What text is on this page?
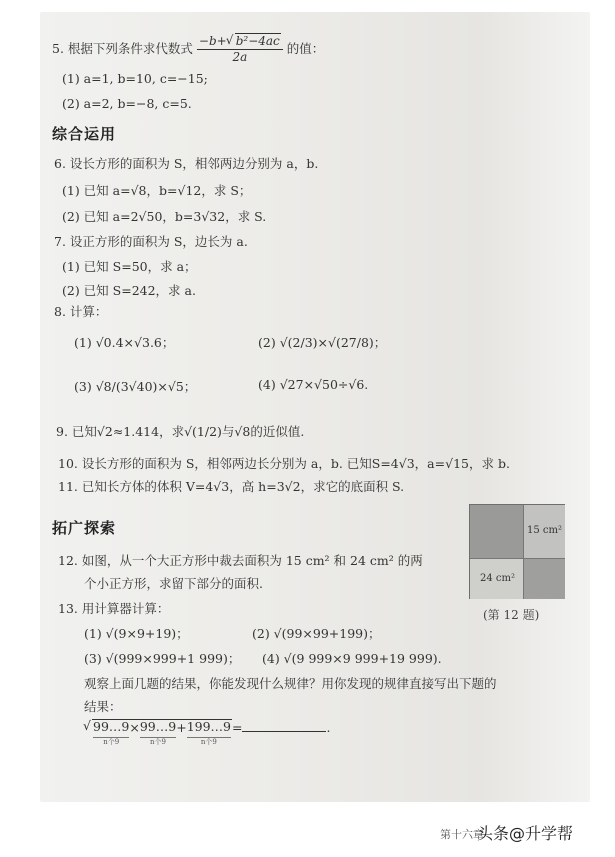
5. 根据下列条件求代数式 $\frac{\text{−b+ √ b²−4ac}}{2a}$ 的值：
(1) a=1, b=10, c=−15;
(2) a=2, b=−8, c=5.
综合运用
6. 设长方形的面积为 S，相邻两边分别为 a，b.
(1) 已知 a=√8，b=√12，求 S；
(2) 已知 a=2√50，b=3√32，求 S.
7. 设正方形的面积为 S，边长为 a.
(1) 已知 S=50，求 a；
(2) 已知 S=242，求 a.
8. 计算：
(1) √0.4×√3.6；	(2) √(2/3)×√(27/8)；
(3) √8/(3√40)×√5；	(4) √27×√50÷√6.
9. 已知√2≈1.414，求√(1/2)与√8的近似值.
10. 设长方形的面积为 S，相邻两边长分别为 a，b. 已知S=4√3，a=√15，求 b.
11. 已知长方体的体积 V=4√3，高 h=3√2，求它的底面积 S.
拓广探索
12. 如图，从一个大正方形中裁去面积为 15 cm² 和 24 cm² 的两
个小正方形，求留下部分的面积.
15 cm²
24 cm²
(第 12 题)
13. 用计算器计算：
(1) √(9×9+19)；	(2) √(99×99+199)；
(3) √(999×999+1 999)； (4) √(9 999×9 999+19 999).
观察上面几题的结果，你能发现什么规律？用你发现的规律直接写出下题的
结果：
√ 99…9
n个9
× 99…9
n个9
+ 199…9
n个9
=	.
第十六章
头条@升学帮
